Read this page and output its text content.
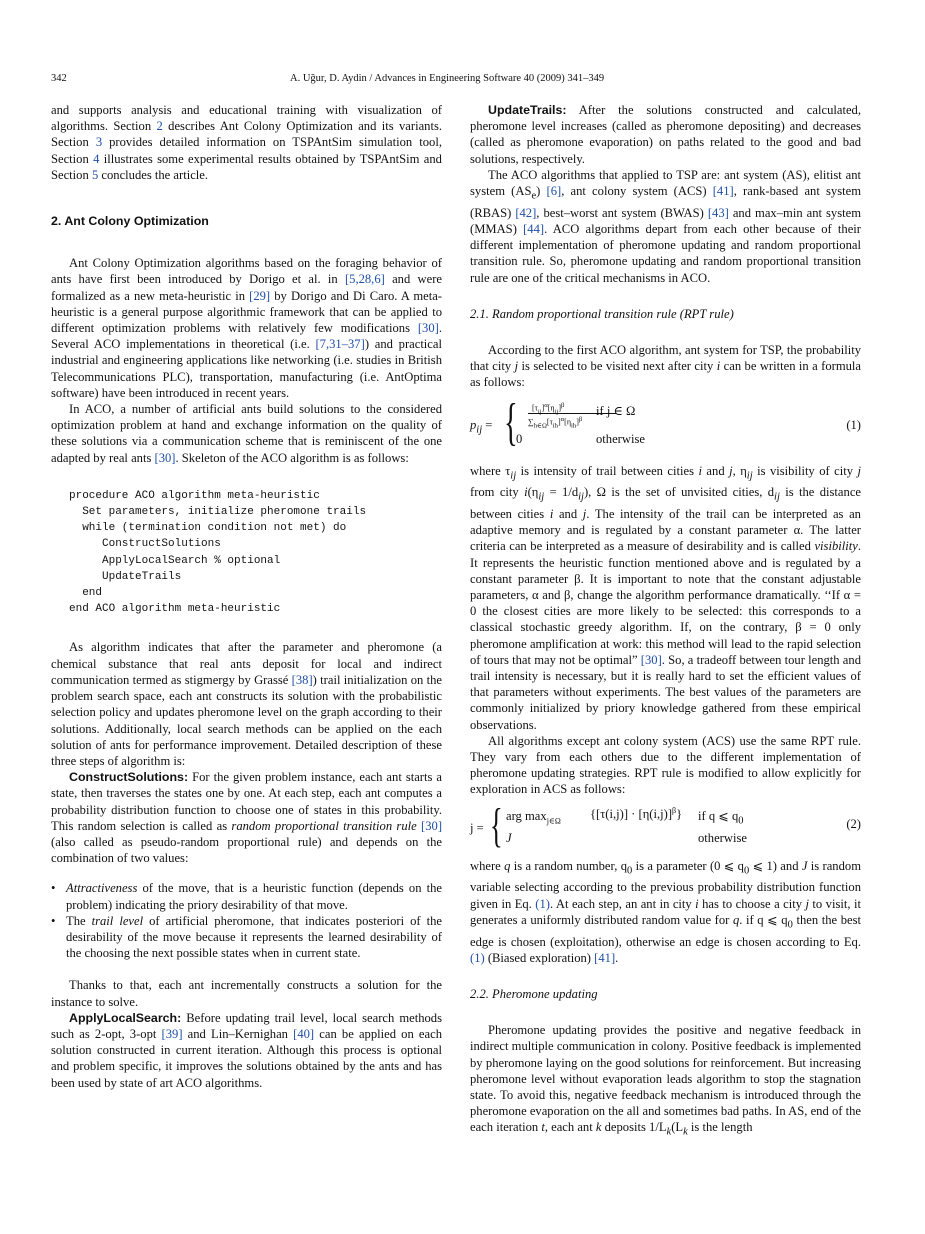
342	A. Uğur, D. Aydin / Advances in Engineering Software 40 (2009) 341–349

and supports analysis and educational training with visualization of algorithms. Section 2 describes Ant Colony Optimization and its variants. Section 3 provides detailed information on TSPAntSim simulation tool, Section 4 illustrates some experimental results obtained by TSPAntSim and Section 5 concludes the article.

2. Ant Colony Optimization

Ant Colony Optimization algorithms based on the foraging behavior of ants have first been introduced by Dorigo et al. in [5,28,6] and were formalized as a new meta-heuristic in [29] by Dorigo and Di Caro. A meta-heuristic is a general purpose algorithmic framework that can be applied to different optimization problems with relatively few modifications [30]. Several ACO implementations in theoretical (i.e. [7,31–37]) and practical industrial and engineering applications like networking (i.e. studies in British Telecommunications PLC), transportation, manufacturing (i.e. AntOptima software) have been introduced in recent years.

In ACO, a number of artificial ants build solutions to the considered optimization problem at hand and exchange information on the quality of these solutions via a communication scheme that is reminiscent of the one adapted by real ants [30]. Skeleton of the ACO algorithm is as follows:

procedure ACO algorithm meta-heuristic
Set parameters, initialize pheromone trails
while (termination condition not met) do
ConstructSolutions
ApplyLocalSearch % optional
UpdateTrails
end
end ACO algorithm meta-heuristic

As algorithm indicates that after the parameter and pheromone (a chemical substance that real ants deposit for local and indirect communication termed as stigmergy by Grassé [38]) trail initialization on the problem search space, each ant constructs its solution with the probabilistic selection policy and updates pheromone level on the graph according to their solutions. Additionally, local search methods can be applied on the each solution of ants for performance improvement. Detailed description of these three steps of algorithm is:

ConstructSolutions: For the given problem instance, each ant starts a state, then traverses the states one by one. At each step, each ant computes a probability distribution function to choose one of states in this probability. This random selection is called as random proportional transition rule [30] (also called as pseudo-random proportional rule) and depends on the combination of two values:

• Attractiveness of the move, that is a heuristic function (depends on the problem) indicating the priory desirability of that move.
• The trail level of artificial pheromone, that indicates posteriori of the desirability of the move because it represents the learned desirability of the choosing the next possible states when in current state.

Thanks to that, each ant incrementally constructs a solution for the instance to solve.

ApplyLocalSearch: Before updating trail level, local search methods such as 2-opt, 3-opt [39] and Lin–Kernighan [40] can be applied on each solution constructed in current iteration. Although this process is optional and problem specific, it improves the solutions obtained by the ants and has been used by state of art ACO algorithms.

UpdateTrails: After the solutions constructed and calculated, pheromone level increases (called as pheromone depositing) and decreases (called as pheromone evaporation) on paths related to the good and bad solutions, respectively.

The ACO algorithms that applied to TSP are: ant system (AS), elitist ant system $(AS_e)$ [6], ant colony system (ACS) [41], rank-based ant system (RBAS) [42], best–worst ant system (BWAS) [43] and max–min ant system (MMAS) [44]. ACO algorithms depart from each other because of their different implementation of pheromone updating and random proportional transition rule. So, pheromone updating and random proportional transition rule are one of the critical mechanisms in ACO.

2.1. Random proportional transition rule (RPT rule)

According to the first ACO algorithm, ant system for TSP, the probability that city j is selected to be visited next after city i can be written in a formula as follows:

$p_{ij}$ = { $[\tau_{ij}]^\alpha[\eta_{ij}]^\beta$
$\sum_{h\in\Omega}[\tau_{ih}]^\alpha[\eta_{ih}]^\beta$
if j ∈ Ω
0	otherwise
(1)

where $\tau_{ij}$ is intensity of trail between cities i and j, $\eta_{ij}$ is visibility of city j from city $i(\eta_{ij} = 1/d_{ij})$, Ω is the set of unvisited cities, $d_{ij}$ is the distance between cities i and j. The intensity of the trail can be interpreted as an adaptive memory and is regulated by a constant parameter α. The latter criteria can be interpreted as a measure of desirability and is called visibility. It represents the heuristic function mentioned above and is regulated by a constant parameter β. It is important to note that the constant adjustable parameters, α and β, change the algorithm performance dramatically. ‘‘If α = 0 the closest cities are more likely to be selected: this corresponds to a classical stochastic greedy algorithm. If, on the contrary, β = 0 only pheromone amplification at work: this method will lead to the rapid selection of tours that may not be optimal” [30]. So, a tradeoff between tour length and trail intensity is necessary, but it is really hard to set the efficient values of that parameters without experiments. The best values of the parameters are commonly initialized by priory knowledge gathered from these empirical observations.

All algorithms except ant colony system (ACS) use the same RPT rule. They vary from each others due to the different implementation of pheromone updating strategies. RPT rule is modified to allow explicitly for exploration in ACS as follows:

j = { arg $\max_{j\in\Omega} \{[\tau(i,j)] \cdot [\eta(i,j)]^\beta\}$ if q ⩽ $q_0$
J	otherwise
(2)

where q is a random number, $q_0$ is a parameter (0 ⩽ $q_0$ ⩽ 1) and J is random variable selecting according to the previous probability distribution function given in Eq. (1). At each step, an ant in city i has to choose a city j to visit, it generates a uniformly distributed random value for q. if q ⩽ $q_0$ then the best edge is chosen (exploitation), otherwise an edge is chosen according to Eq. (1) (Biased exploration) [41].

2.2. Pheromone updating

Pheromone updating provides the positive and negative feedback in indirect multiple communication in colony. Positive feedback is implemented by pheromone laying on the good solutions for reinforcement. But increasing pheromone level without evaporation leads algorithm to stop the stagnation state. To avoid this, negative feedback mechanism is introduced through the pheromone evaporation on the all and sometimes bad paths. In AS, end of the each iteration t, each ant k deposits $1/L_k(L_k$ is the length
